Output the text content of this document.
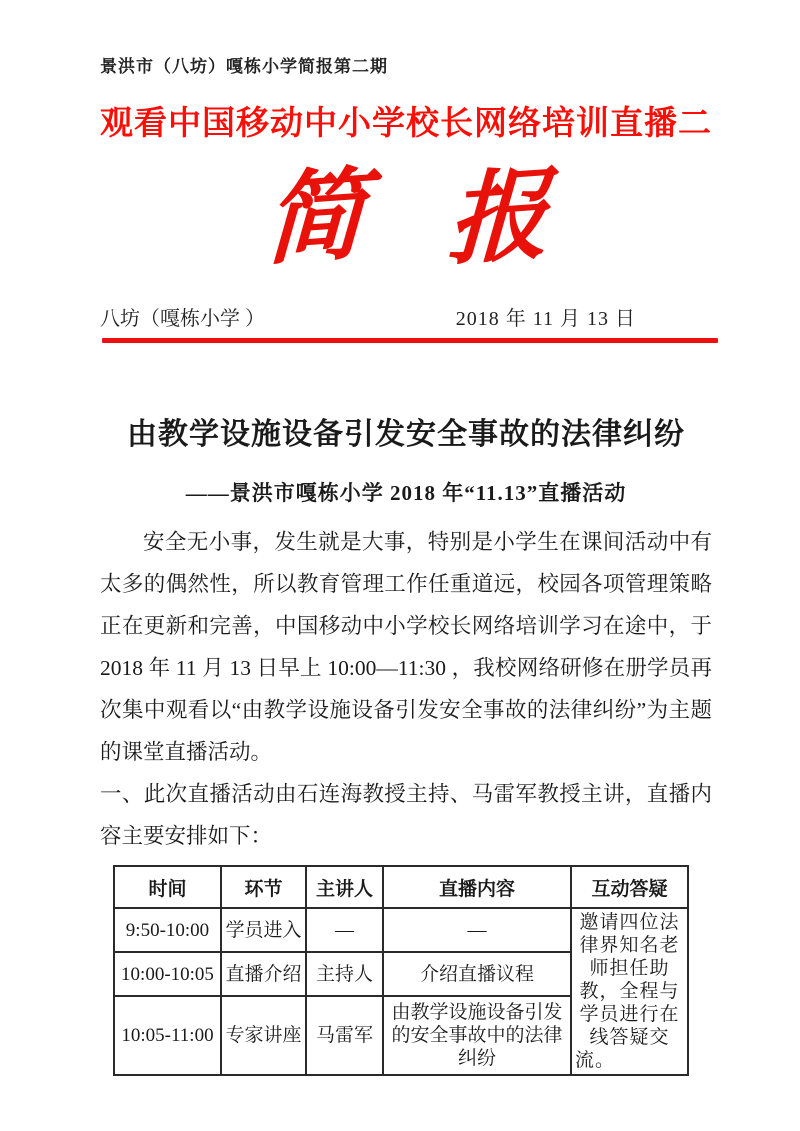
景洪市（八坊）嘎栋小学简报第二期
观看中国移动中小学校长网络培训直播二
简 报
八坊（嘎栋小学 ）	2018 年 11 月 13 日
由教学设施设备引发安全事故的法律纠纷
——景洪市嘎栋小学 2018 年“11.13”直播活动

安全无小事，发生就是大事，特别是小学生在课间活动中有太多的偶然性，所以教育管理工作任重道远，校园各项管理策略正在更新和完善，中国移动中小学校长网络培训学习在途中，于 2018 年 11 月 13 日早上 10:00—11:30 ，我校网络研修在册学员再次集中观看以“由教学设施设备引发安全事故的法律纠纷”为主题的课堂直播活动。

一、此次直播活动由石连海教授主持、马雷军教授主讲，直播内容主要安排如下：

时间	环节	主讲人	直播内容	互动答疑
9:50-10:00	学员进入	—	—	邀请四位法律界知名老师担任助教，全程与学员进行在线答疑交流。
10:00-10:05	直播介绍	主持人	介绍直播议程	
10:05-11:00	专家讲座	马雷军	由教学设施设备引发的安全事故中的法律纠纷	
